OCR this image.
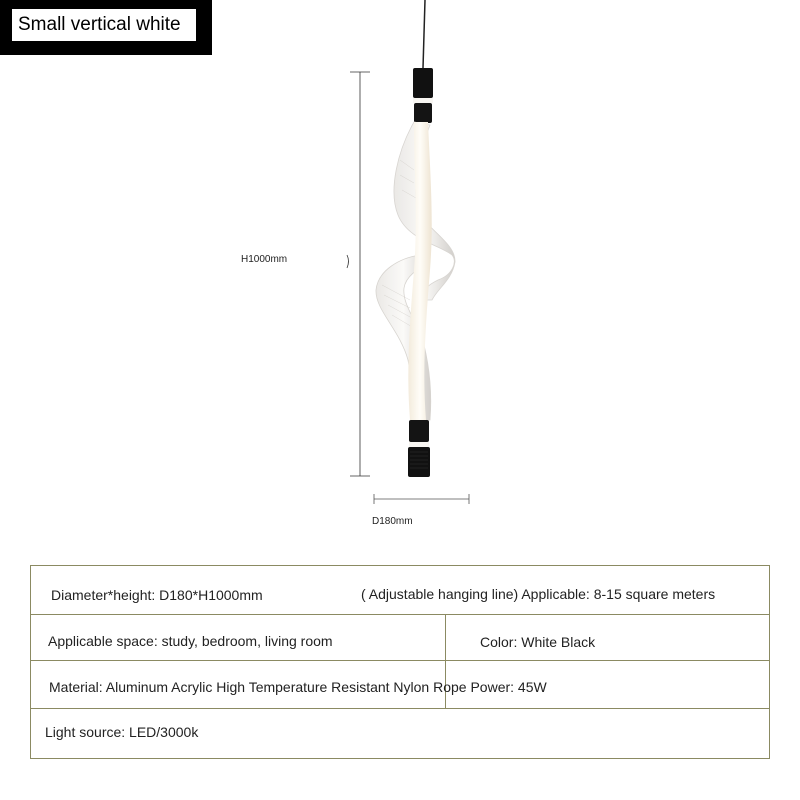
Small vertical white
H1000mm
D180mm
Diameter*height: D180*H1000mm	( Adjustable hanging line) Applicable: 8-15 square meters
Applicable space: study, bedroom, living room	Color: White Black
Material: Aluminum Acrylic High Temperature Resistant Nylon Rope Power: 45W
Light source: LED/3000k
